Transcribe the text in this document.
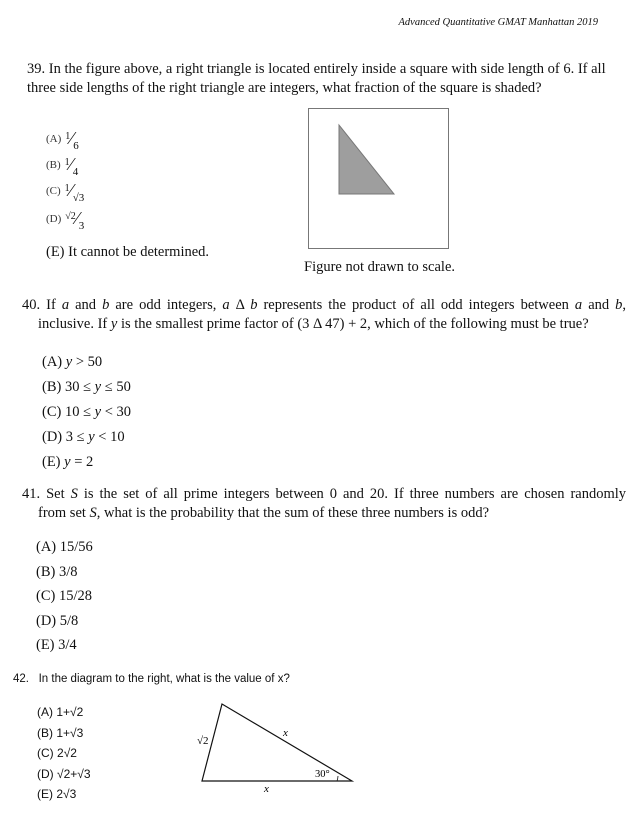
Advanced Quantitative GMAT Manhattan 2019
39. In the figure above, a right triangle is located entirely inside a square with side length of 6. If all three side lengths of the right triangle are integers, what fraction of the square is shaded?
(A) $^1⁄_6$
(B) $^1⁄_4$
(C) $^1⁄_{√3}$
(D) $^{√2}⁄_3$
(E) It cannot be determined.
Figure not drawn to scale.
40. If a and b are odd integers, a Δ b represents the product of all odd integers between a and b,
inclusive. If y is the smallest prime factor of (3 Δ 47) + 2, which of the following must be true?
(A) y > 50
(B) 30 ≤ y ≤ 50
(C) 10 ≤ y < 30
(D) 3 ≤ y < 10
(E) y = 2
41. Set S is the set of all prime integers between 0 and 20. If three numbers are chosen randomly
from set S, what is the probability that the sum of these three numbers is odd?
(A) 15/56
(B) 3/8
(C) 15/28
(D) 5/8
(E) 3/4
42. In the diagram to the right, what is the value of x?
(A) 1+√2
(B) 1+√3
(C) 2√2
(D) √2+√3
(E) 2√3
√2
x
x
30°
